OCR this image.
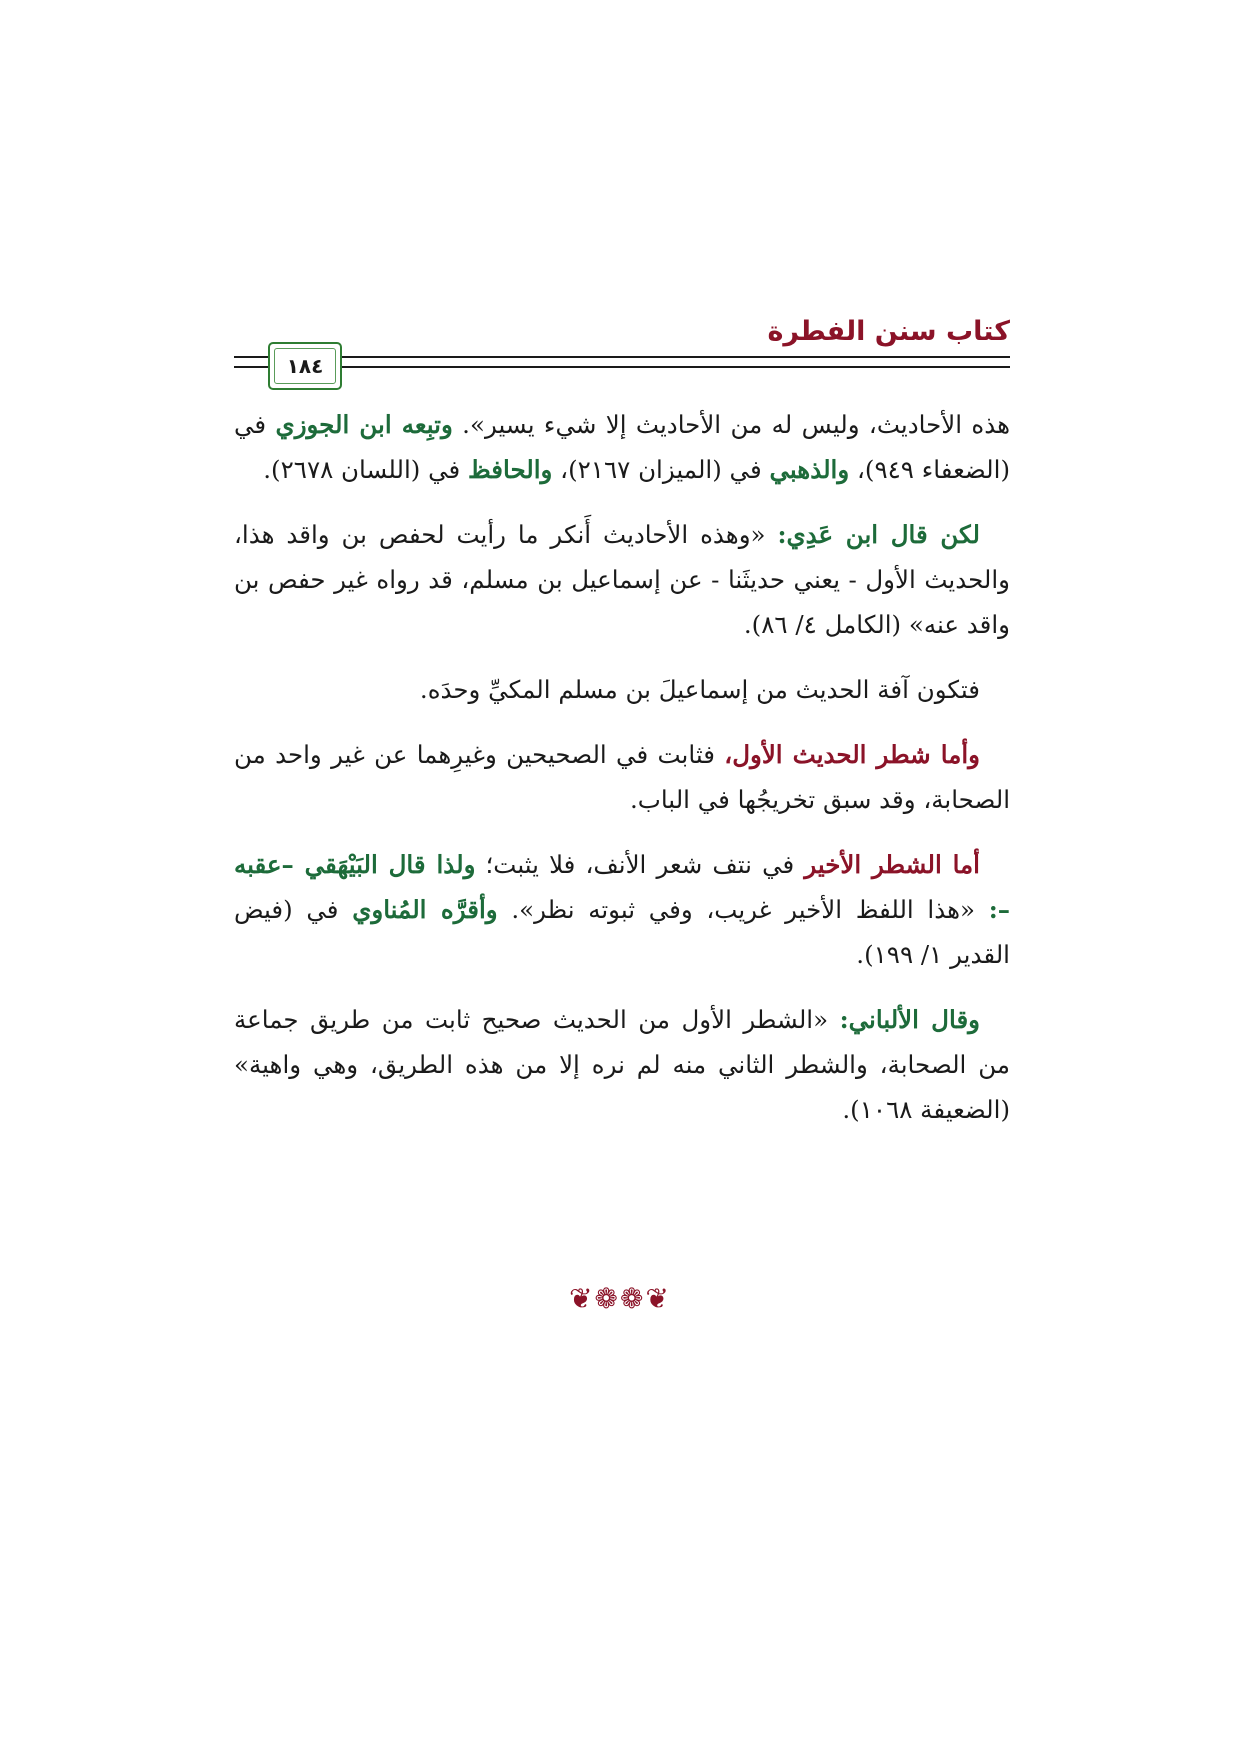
كتاب سنن الفطرة
١٨٤

هذه الأحاديث، وليس له من الأحاديث إلا شيء يسير». وتبِعه ابن الجوزي في (الضعفاء ٩٤٩)، والذهبي في (الميزان ٢١٦٧)، والحافظ في (اللسان ٢٦٧٨).

لكن قال ابن عَدِي: «وهذه الأحاديث أَنكر ما رأيت لحفص بن واقد هذا، والحديث الأول - يعني حديثَنا - عن إسماعيل بن مسلم، قد رواه غير حفص بن واقد عنه» (الكامل ٤/ ٨٦).

فتكون آفة الحديث من إسماعيلَ بن مسلم المكيِّ وحدَه.

وأما شطر الحديث الأول، فثابت في الصحيحين وغيرِهما عن غير واحد من الصحابة، وقد سبق تخريجُها في الباب.

أما الشطر الأخير في نتف شعر الأنف، فلا يثبت؛ ولذا قال البَيْهَقي –عقبه –: «هذا اللفظ الأخير غريب، وفي ثبوته نظر». وأقرَّه المُناوي في (فيض القدير ١/ ١٩٩).

وقال الألباني: «الشطر الأول من الحديث صحيح ثابت من طريق جماعة من الصحابة، والشطر الثاني منه لم نره إلا من هذه الطريق، وهي واهية» (الضعيفة ١٠٦٨).

❦❁❁❦
